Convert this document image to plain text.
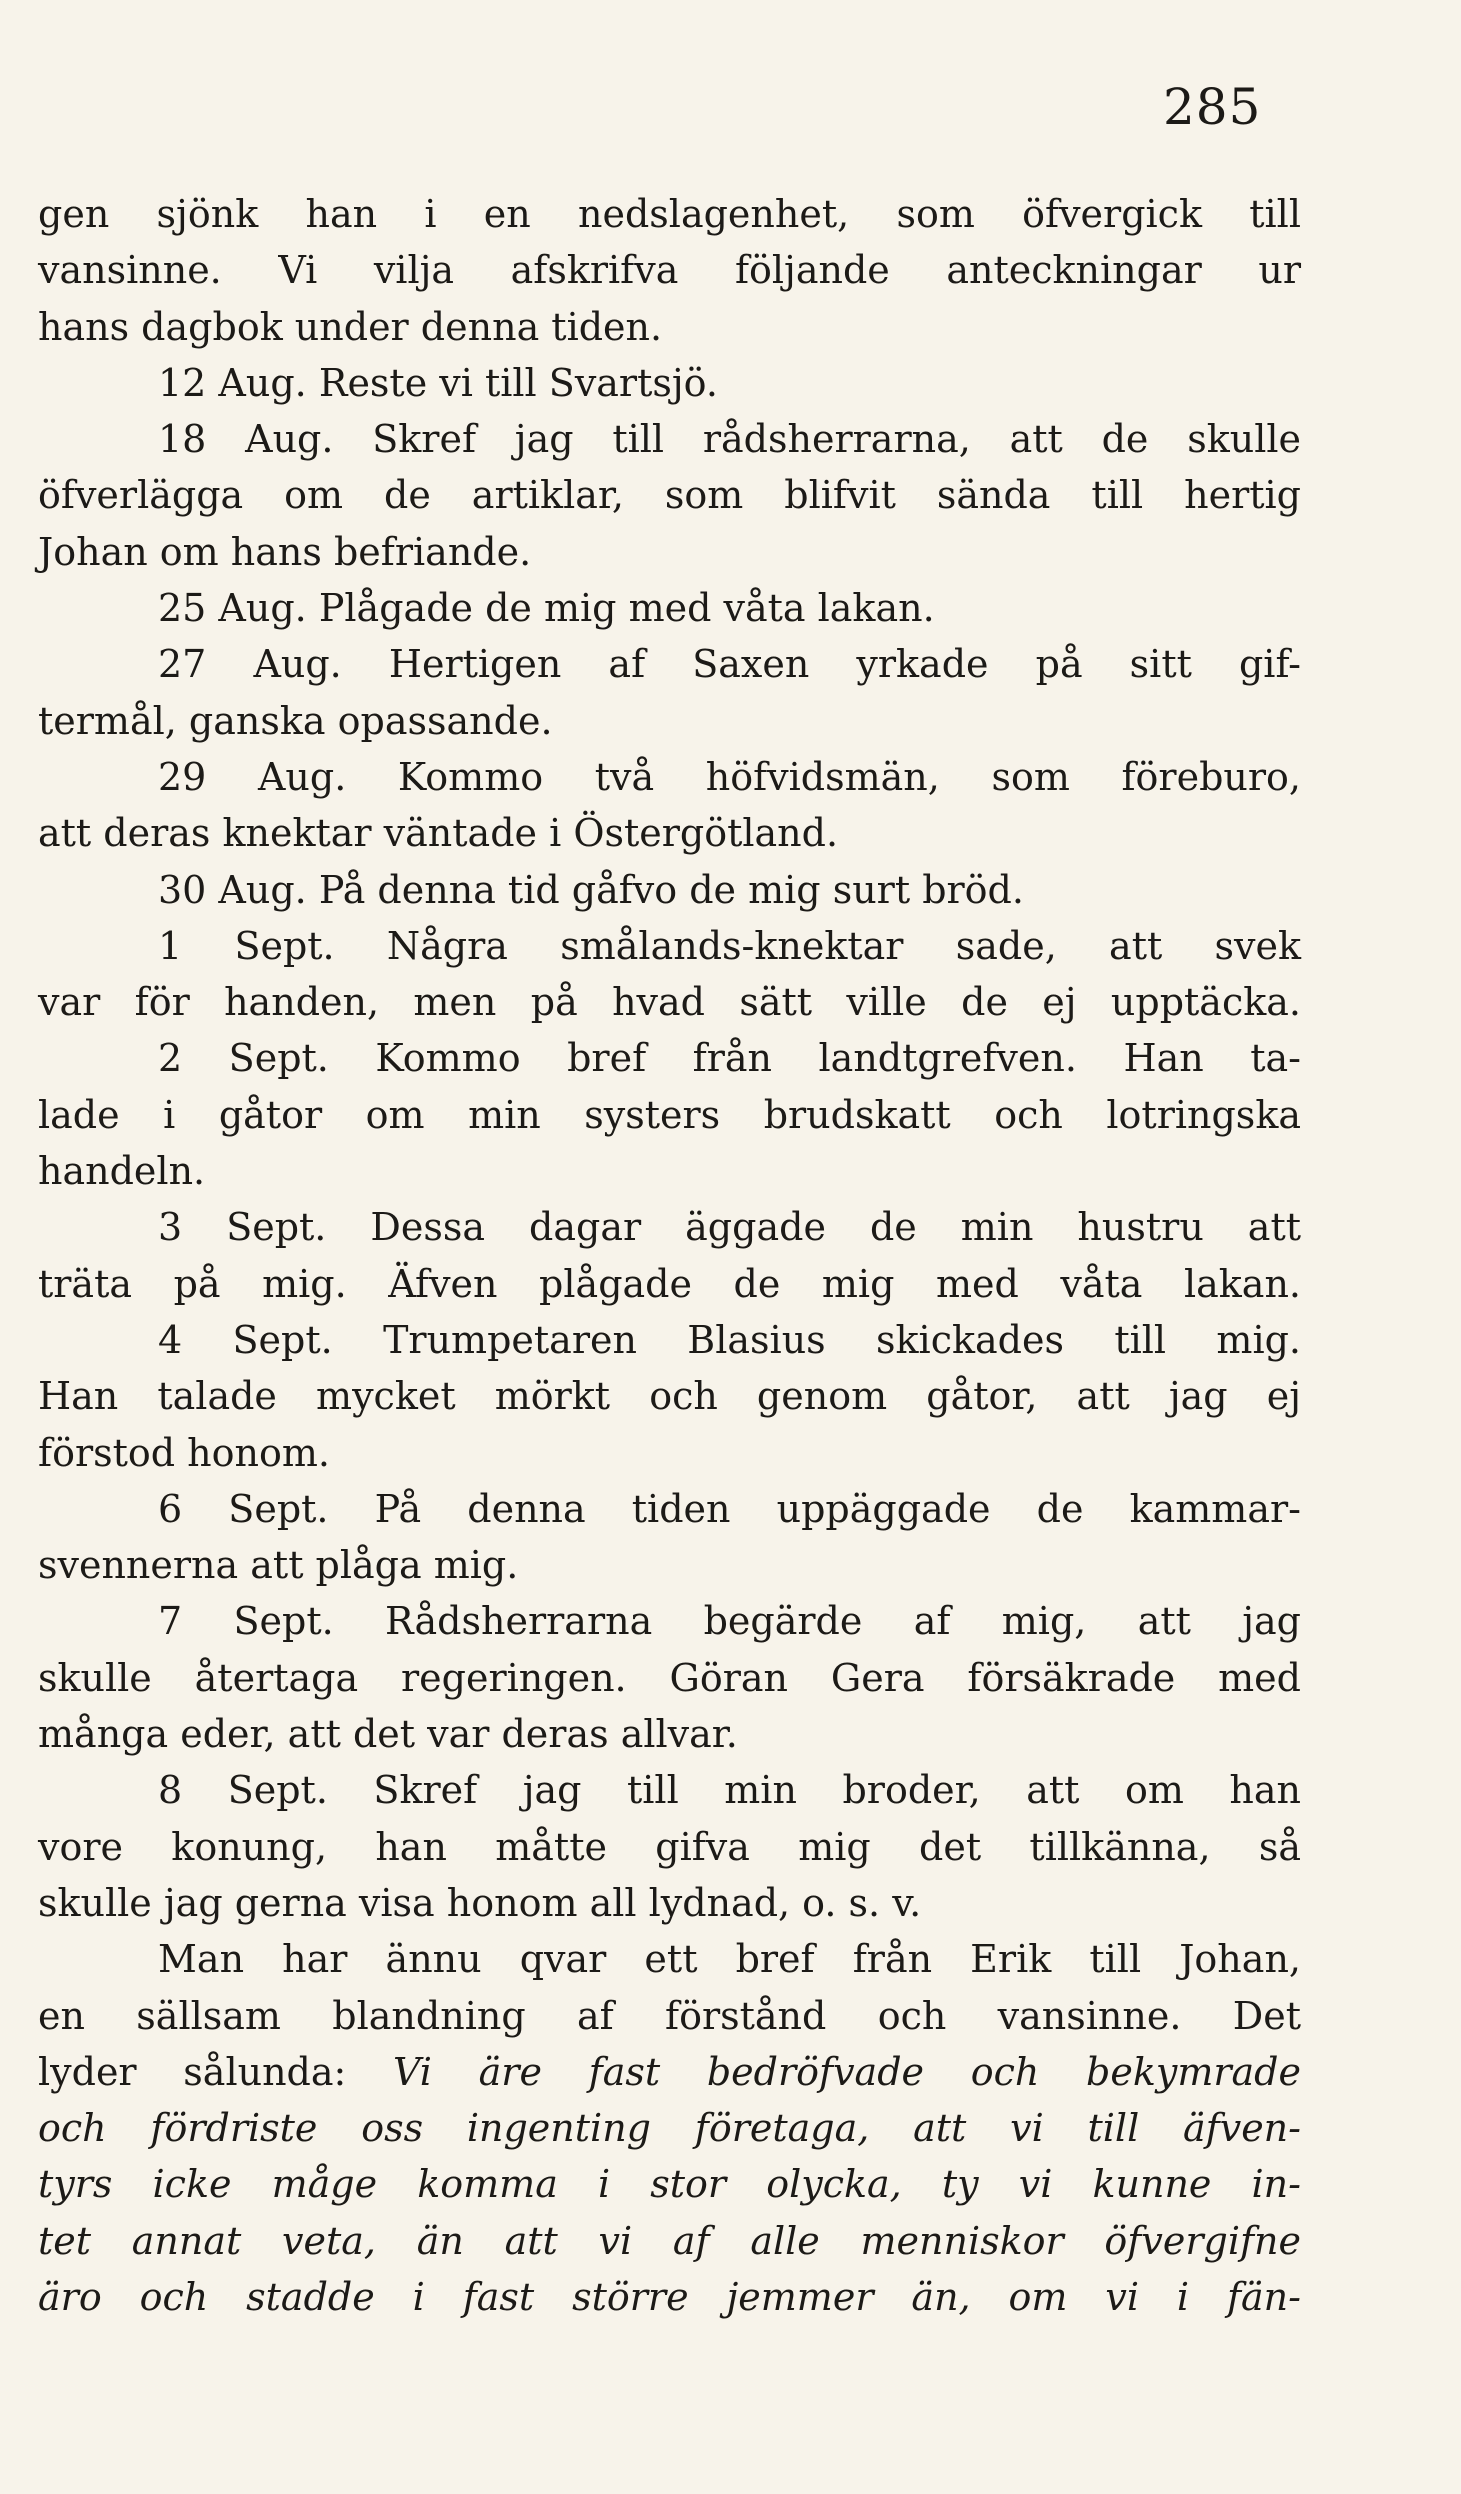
285
gen sjönk han i en nedslagenhet, som öfvergick till
vansinne. Vi vilja afskrifva följande anteckningar ur
hans dagbok under denna tiden.
12 Aug. Reste vi till Svartsjö.
18 Aug. Skref jag till rådsherrarna, att de skulle
öfverlägga om de artiklar, som blifvit sända till hertig
Johan om hans befriande.
25 Aug. Plågade de mig med våta lakan.
27 Aug. Hertigen af Saxen yrkade på sitt gif-
termål, ganska opassande.
29 Aug. Kommo två höfvidsmän, som föreburo,
att deras knektar väntade i Östergötland.
30 Aug. På denna tid gåfvo de mig surt bröd.
1 Sept. Några smålands-knektar sade, att svek
var för handen, men på hvad sätt ville de ej upptäcka.
2 Sept. Kommo bref från landtgrefven. Han ta-
lade i gåtor om min systers brudskatt och lotringska
handeln.
3 Sept. Dessa dagar äggade de min hustru att
träta på mig. Äfven plågade de mig med våta lakan.
4 Sept. Trumpetaren Blasius skickades till mig.
Han talade mycket mörkt och genom gåtor, att jag ej
förstod honom.
6 Sept. På denna tiden uppäggade de kammar-
svennerna att plåga mig.
7 Sept. Rådsherrarna begärde af mig, att jag
skulle återtaga regeringen. Göran Gera försäkrade med
många eder, att det var deras allvar.
8 Sept. Skref jag till min broder, att om han
vore konung, han måtte gifva mig det tillkänna, så
skulle jag gerna visa honom all lydnad, o. s. v.
Man har ännu qvar ett bref från Erik till Johan,
en sällsam blandning af förstånd och vansinne. Det
lyder sålunda: Vi äre fast bedröfvade och bekymrade
och fördriste oss ingenting företaga, att vi till äfven-
tyrs icke måge komma i stor olycka, ty vi kunne in-
tet annat veta, än att vi af alle menniskor öfvergifne
äro och stadde i fast större jemmer än, om vi i fän-
